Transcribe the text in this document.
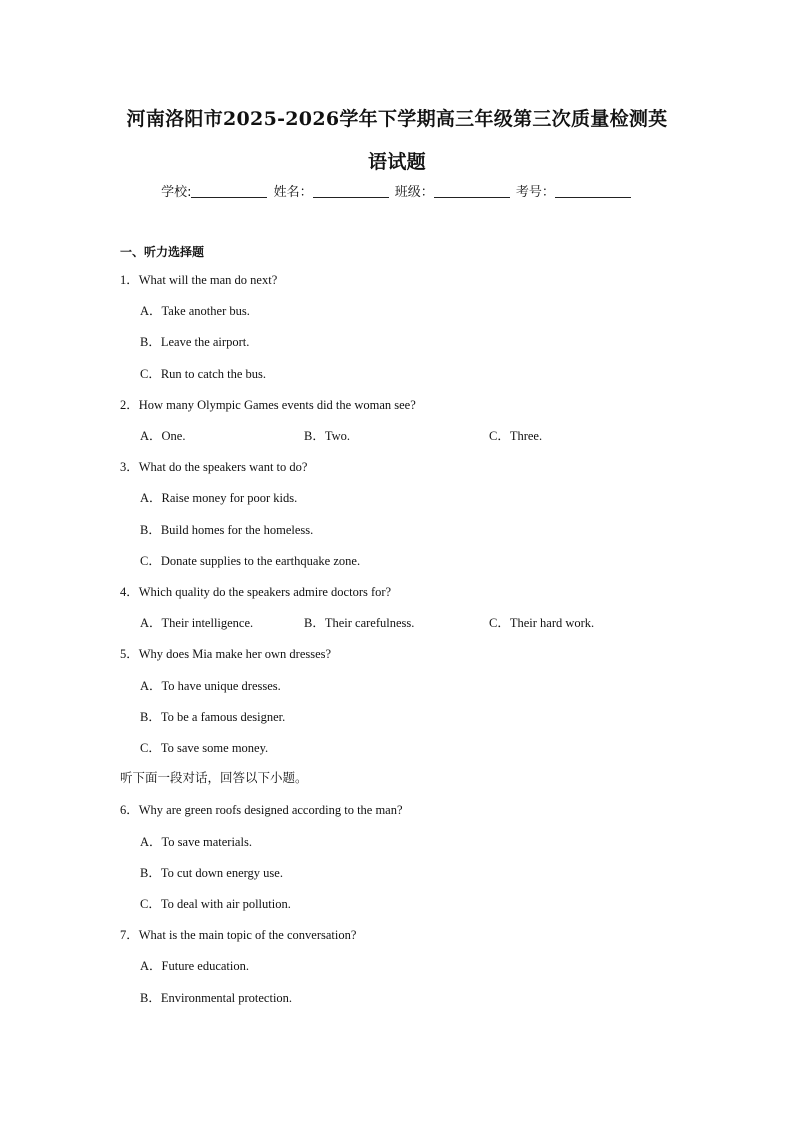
河南洛阳市2025-2026学年下学期高三年级第三次质量检测英
语试题
学校:	姓名：	班级：	考号：
一、听力选择题
1．What will the man do next?
A．Take another bus.
B．Leave the airport.
C．Run to catch the bus.
2．How many Olympic Games events did the woman see?
A．One.	B．Two.	C．Three.
3．What do the speakers want to do?
A．Raise money for poor kids.
B．Build homes for the homeless.
C．Donate supplies to the earthquake zone.
4．Which quality do the speakers admire doctors for?
A．Their intelligence.	B．Their carefulness.	C．Their hard work.
5．Why does Mia make her own dresses?
A．To have unique dresses.
B．To be a famous designer.
C．To save some money.
听下面一段对话，回答以下小题。
6．Why are green roofs designed according to the man?
A．To save materials.
B．To cut down energy use.
C．To deal with air pollution.
7．What is the main topic of the conversation?
A．Future education.
B．Environmental protection.
